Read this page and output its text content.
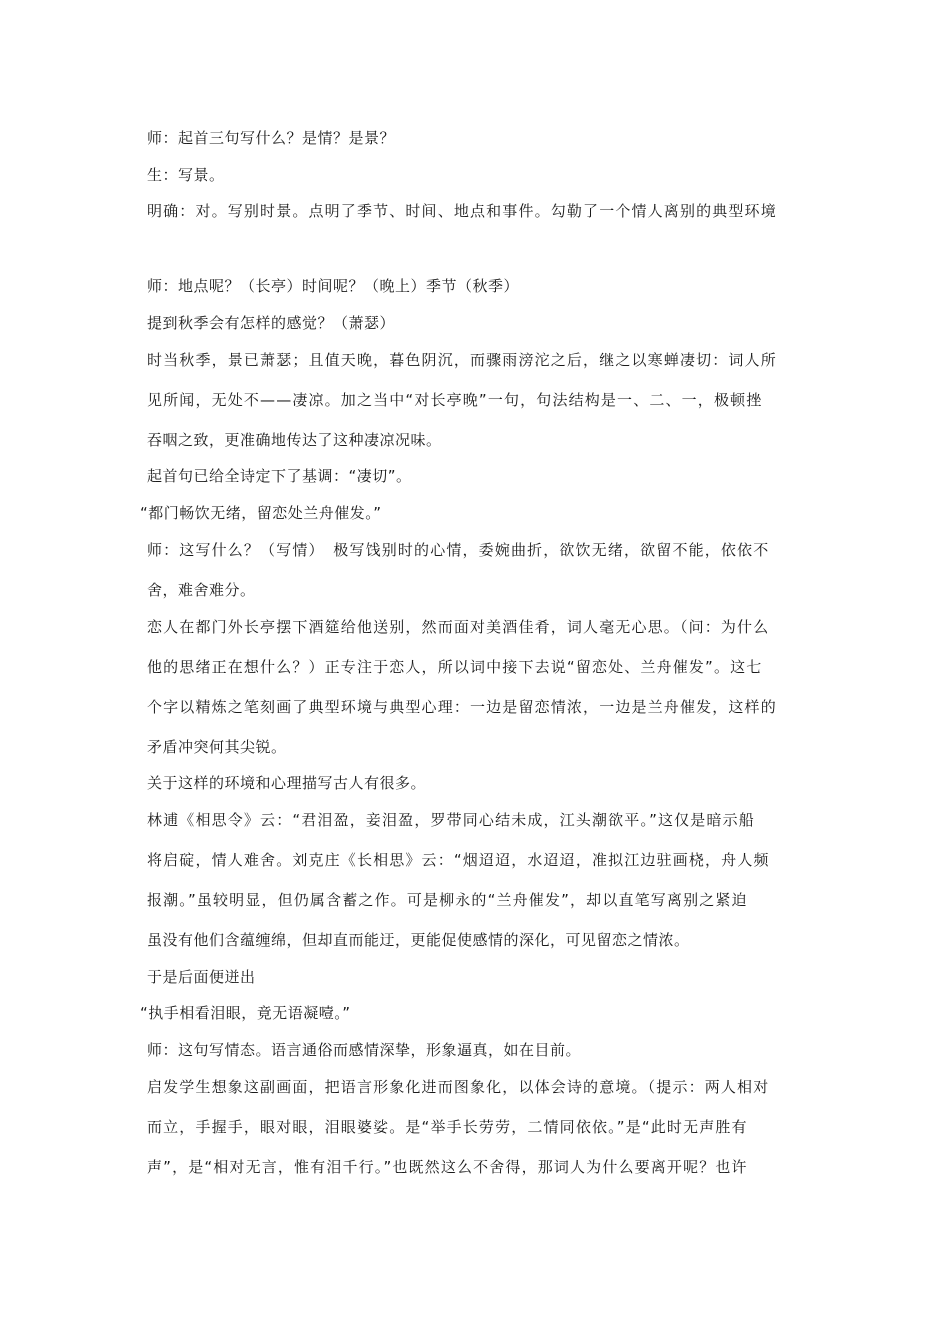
师：起首三句写什么？是情？是景？

生：写景。

明确：对。写别时景。点明了季节、时间、地点和事件。勾勒了一个情人离别的典型环境

师：地点呢？（长亭）时间呢？（晚上）季节（秋季）

提到秋季会有怎样的感觉？（萧瑟）

时当秋季，景已萧瑟；且值天晚，暮色阴沉，而骤雨滂沱之后，继之以寒蝉凄切：词人所

见所闻，无处不——凄凉。加之当中“对长亭晚”一句，句法结构是一、二、一，极顿挫

吞咽之致，更准确地传达了这种凄凉况味。

起首句已给全诗定下了基调：“凄切”。

“都门畅饮无绪，留恋处兰舟催发。”

师：这写什么？（写情）　极写饯别时的心情，委婉曲折，欲饮无绪，欲留不能，依依不

舍，难舍难分。

恋人在都门外长亭摆下酒筵给他送别，然而面对美酒佳肴，词人毫无心思。（问：为什么

他的思绪正在想什么？）正专注于恋人，所以词中接下去说“留恋处、兰舟催发”。这七

个字以精炼之笔刻画了典型环境与典型心理：一边是留恋情浓，一边是兰舟催发，这样的

矛盾冲突何其尖锐。

关于这样的环境和心理描写古人有很多。

林逋《相思令》云：“君泪盈，妾泪盈，罗带同心结未成，江头潮欲平。”这仅是暗示船

将启碇，情人难舍。刘克庄《长相思》云：“烟迢迢，水迢迢，准拟江边驻画桡，舟人频

报潮。”虽较明显，但仍属含蓄之作。可是柳永的“兰舟催发”，却以直笔写离别之紧迫

虽没有他们含蕴缠绵，但却直而能迂，更能促使感情的深化，可见留恋之情浓。

于是后面便迸出

“执手相看泪眼，竟无语凝噎。”

师：这句写情态。语言通俗而感情深挚，形象逼真，如在目前。

启发学生想象这副画面，把语言形象化进而图象化，以体会诗的意境。（提示：两人相对

而立，手握手，眼对眼，泪眼婆娑。是“举手长劳劳，二情同依依。”是“此时无声胜有

声”，是“相对无言，惟有泪千行。”也既然这么不舍得，那词人为什么要离开呢？也许
